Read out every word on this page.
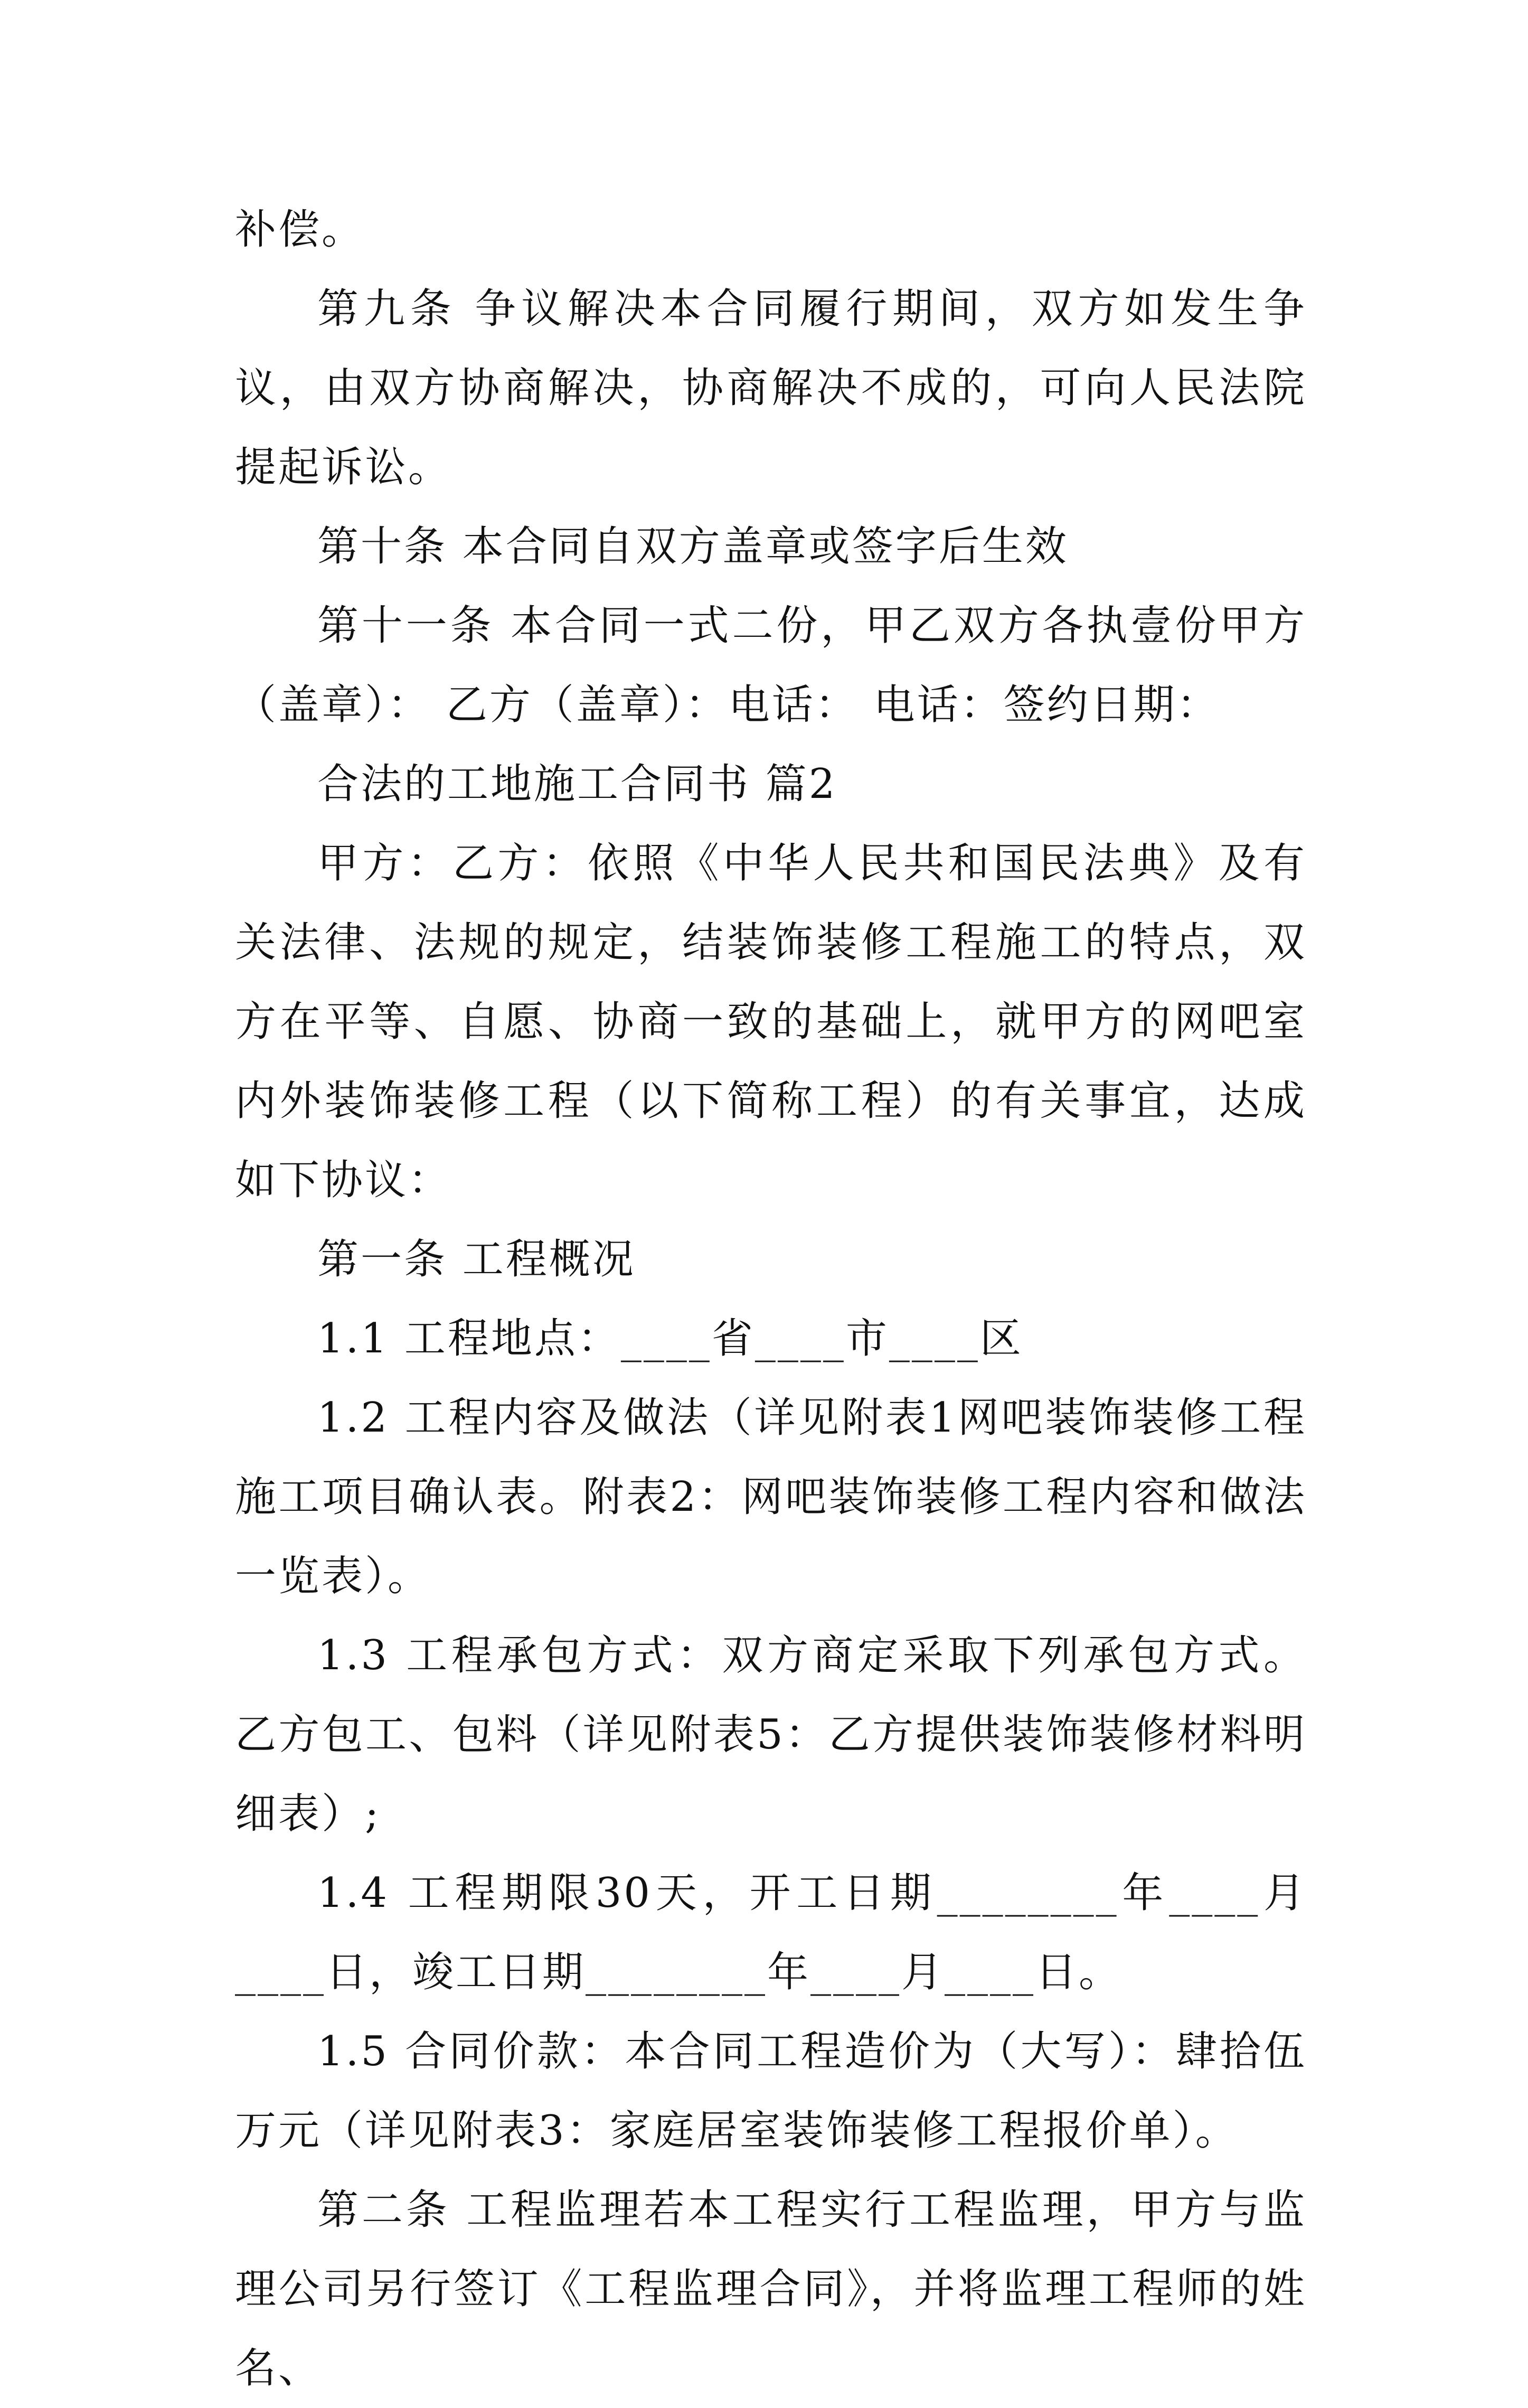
补偿。

第九条 争议解决本合同履行期间，双方如发生争议，由双方协商解决，协商解决不成的，可向人民法院提起诉讼。

第十条 本合同自双方盖章或签字后生效

第十一条 本合同一式二份，甲乙双方各执壹份甲方（盖章）： 乙方（盖章）：电话： 电话：签约日期：

合法的工地施工合同书 篇2

甲方：乙方：依照《中华人民共和国民法典》及有关法律、法规的规定，结装饰装修工程施工的特点，双方在平等、自愿、协商一致的基础上，就甲方的网吧室内外装饰装修工程（以下简称工程）的有关事宜，达成如下协议：

第一条 工程概况

1.1 工程地点：____省____市____区

1.2 工程内容及做法（详见附表1网吧装饰装修工程施工项目确认表。附表2：网吧装饰装修工程内容和做法一览表）。

1.3 工程承包方式：双方商定采取下列承包方式。乙方包工、包料（详见附表5：乙方提供装饰装修材料明细表）;

1.4 工程期限30天，开工日期________年____月____日，竣工日期________年____月____日。

1.5 合同价款：本合同工程造价为（大写）：肆拾伍万元（详见附表3：家庭居室装饰装修工程报价单）。

第二条 工程监理若本工程实行工程监理，甲方与监理公司另行签订《工程监理合同》，并将监理工程师的姓名、
